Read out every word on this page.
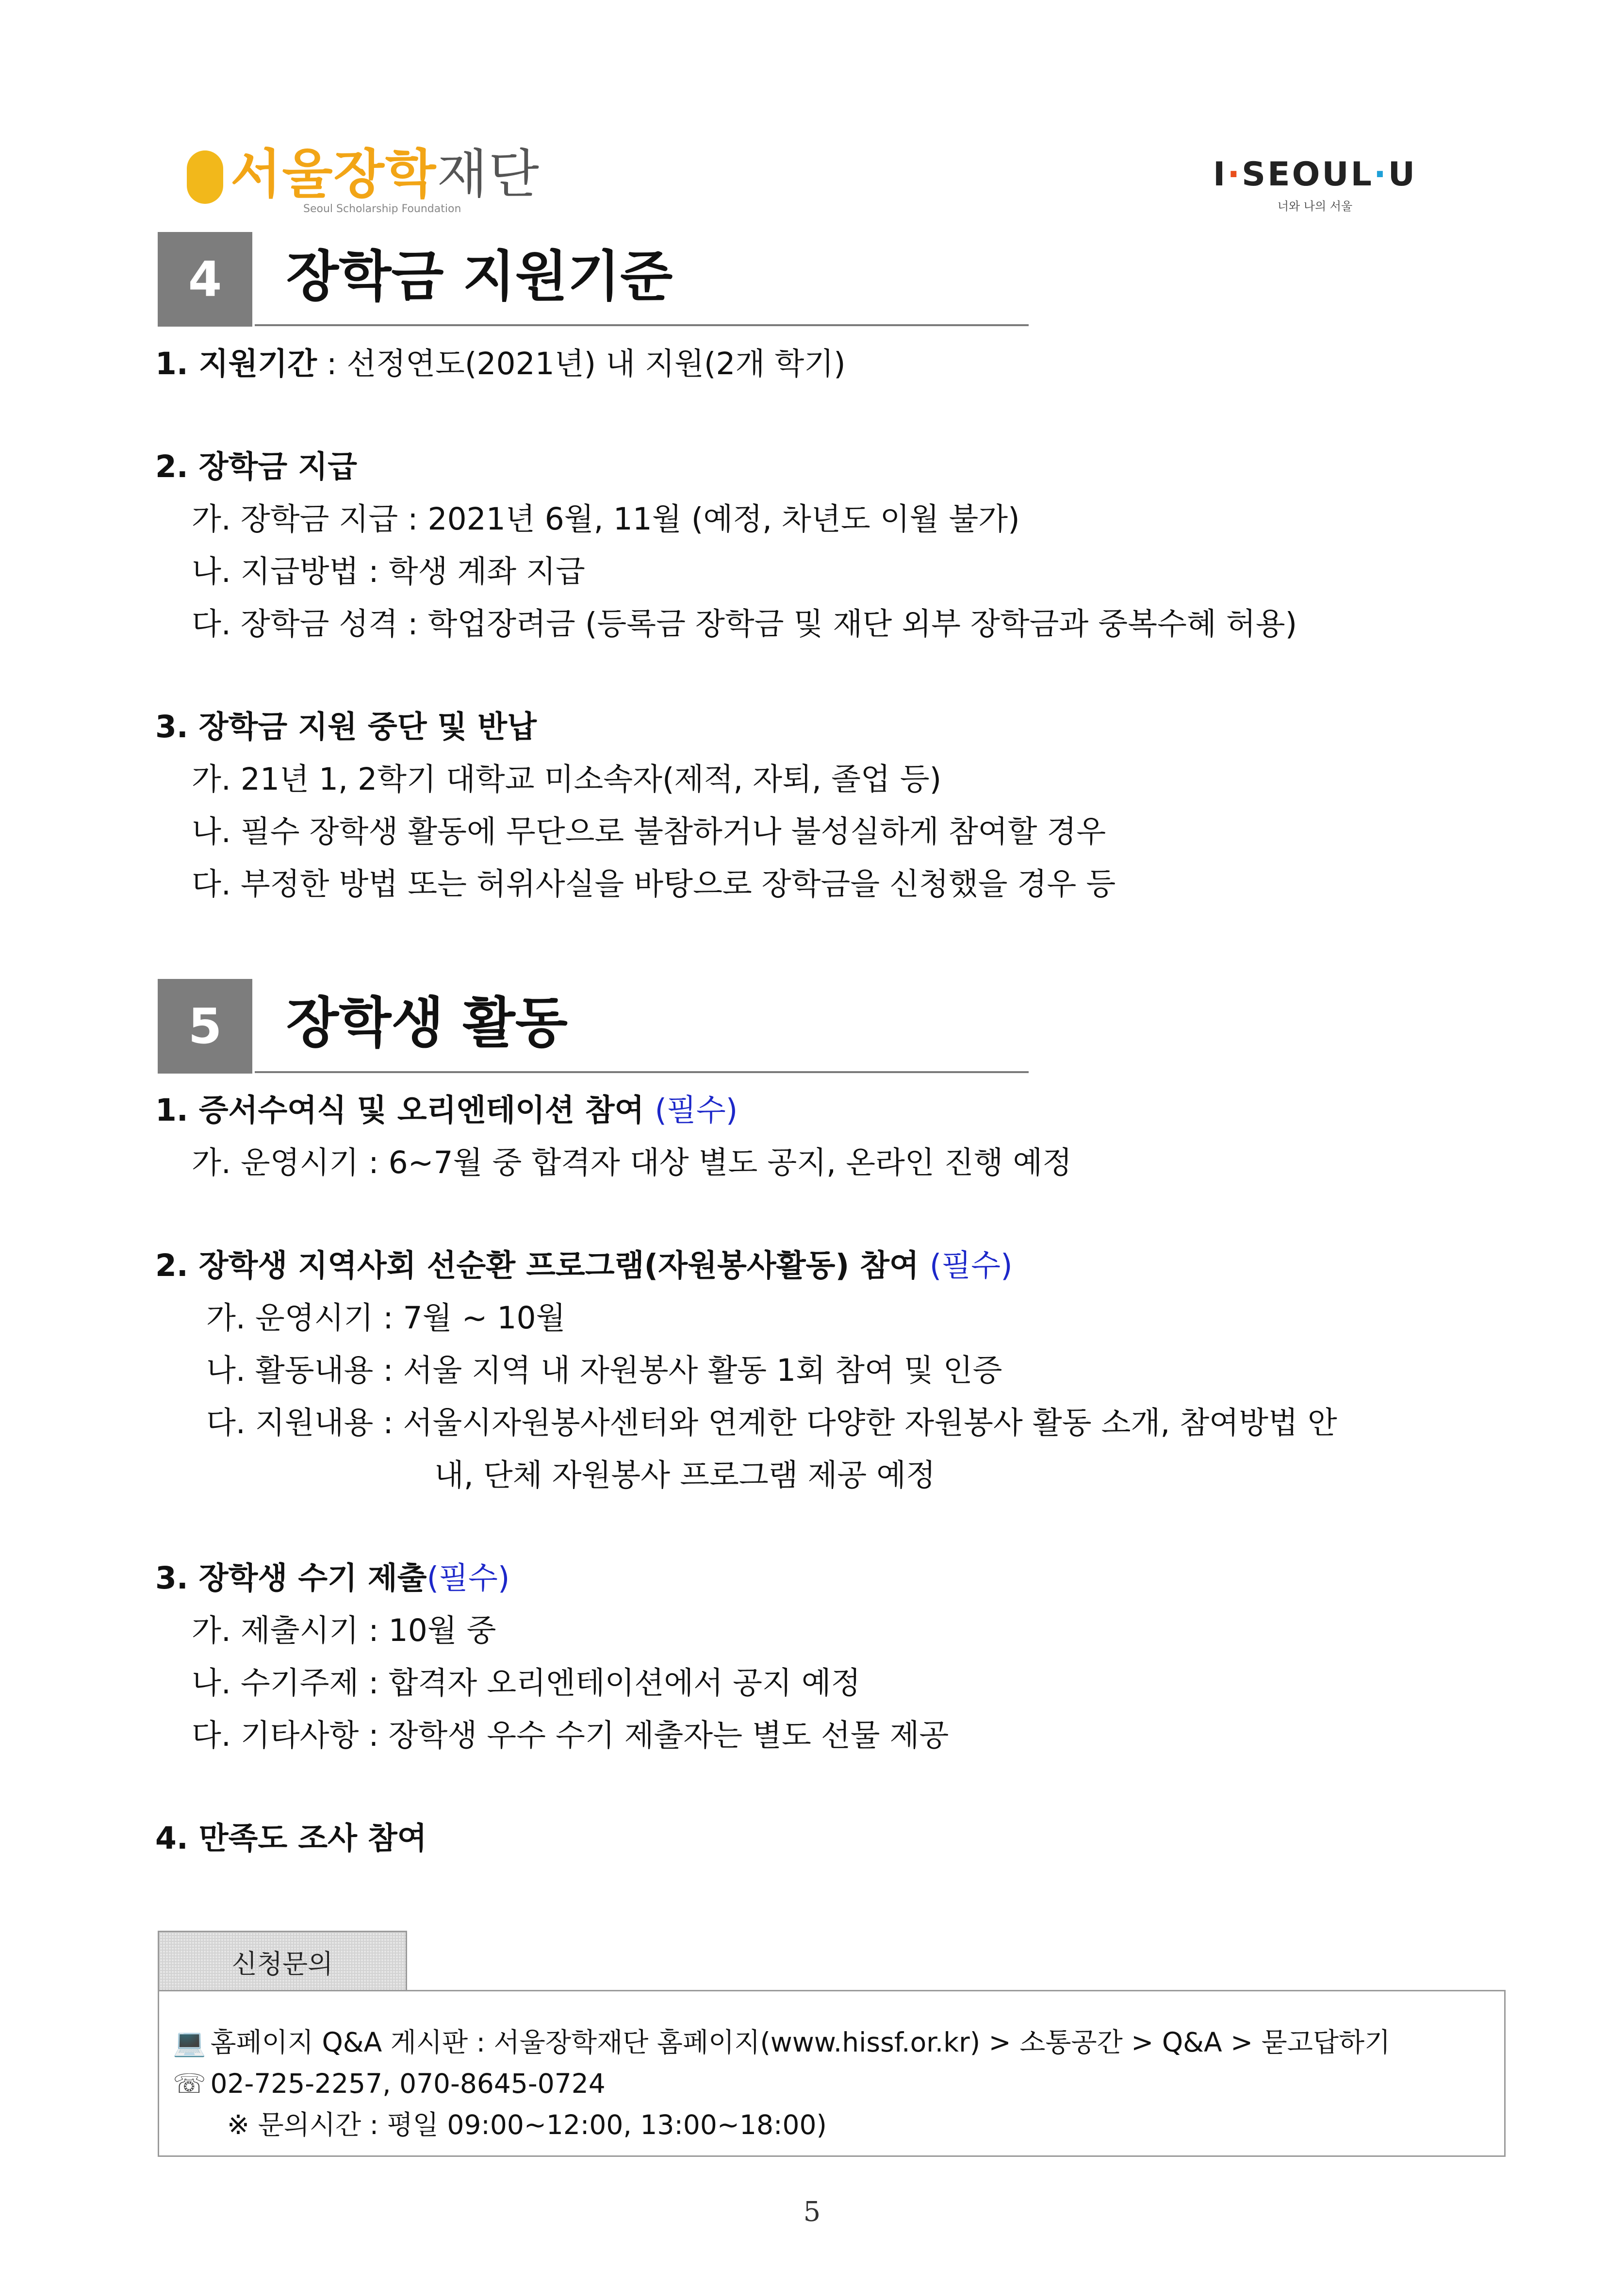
서울장학재단
Seoul Scholarship Foundation
I·SEOUL·U
너와 나의 서울
4	장학금 지원기준
1. 지원기간 : 선정연도(2021년) 내 지원(2개 학기)
2. 장학금 지급
가. 장학금 지급 : 2021년 6월, 11월 (예정, 차년도 이월 불가)
나. 지급방법 : 학생 계좌 지급
다. 장학금 성격 : 학업장려금 (등록금 장학금 및 재단 외부 장학금과 중복수혜 허용)
3. 장학금 지원 중단 및 반납
가. 21년 1, 2학기 대학교 미소속자(제적, 자퇴, 졸업 등)
나. 필수 장학생 활동에 무단으로 불참하거나 불성실하게 참여할 경우
다. 부정한 방법 또는 허위사실을 바탕으로 장학금을 신청했을 경우 등
5	장학생 활동
1. 증서수여식 및 오리엔테이션 참여 (필수)
가. 운영시기 : 6~7월 중 합격자 대상 별도 공지, 온라인 진행 예정
2. 장학생 지역사회 선순환 프로그램(자원봉사활동) 참여 (필수)
가. 운영시기 : 7월 ~ 10월
나. 활동내용 : 서울 지역 내 자원봉사 활동 1회 참여 및 인증
다. 지원내용 : 서울시자원봉사센터와 연계한 다양한 자원봉사 활동 소개, 참여방법 안
내, 단체 자원봉사 프로그램 제공 예정
3. 장학생 수기 제출(필수)
가. 제출시기 : 10월 중
나. 수기주제 : 합격자 오리엔테이션에서 공지 예정
다. 기타사항 : 장학생 우수 수기 제출자는 별도 선물 제공
4. 만족도 조사 참여
신청문의
💻 홈페이지 Q&A 게시판 : 서울장학재단 홈페이지(www.hissf.or.kr) > 소통공간 > Q&A > 묻고답하기
☏ 02-725-2257, 070-8645-0724
※ 문의시간 : 평일 09:00~12:00, 13:00~18:00)
5
